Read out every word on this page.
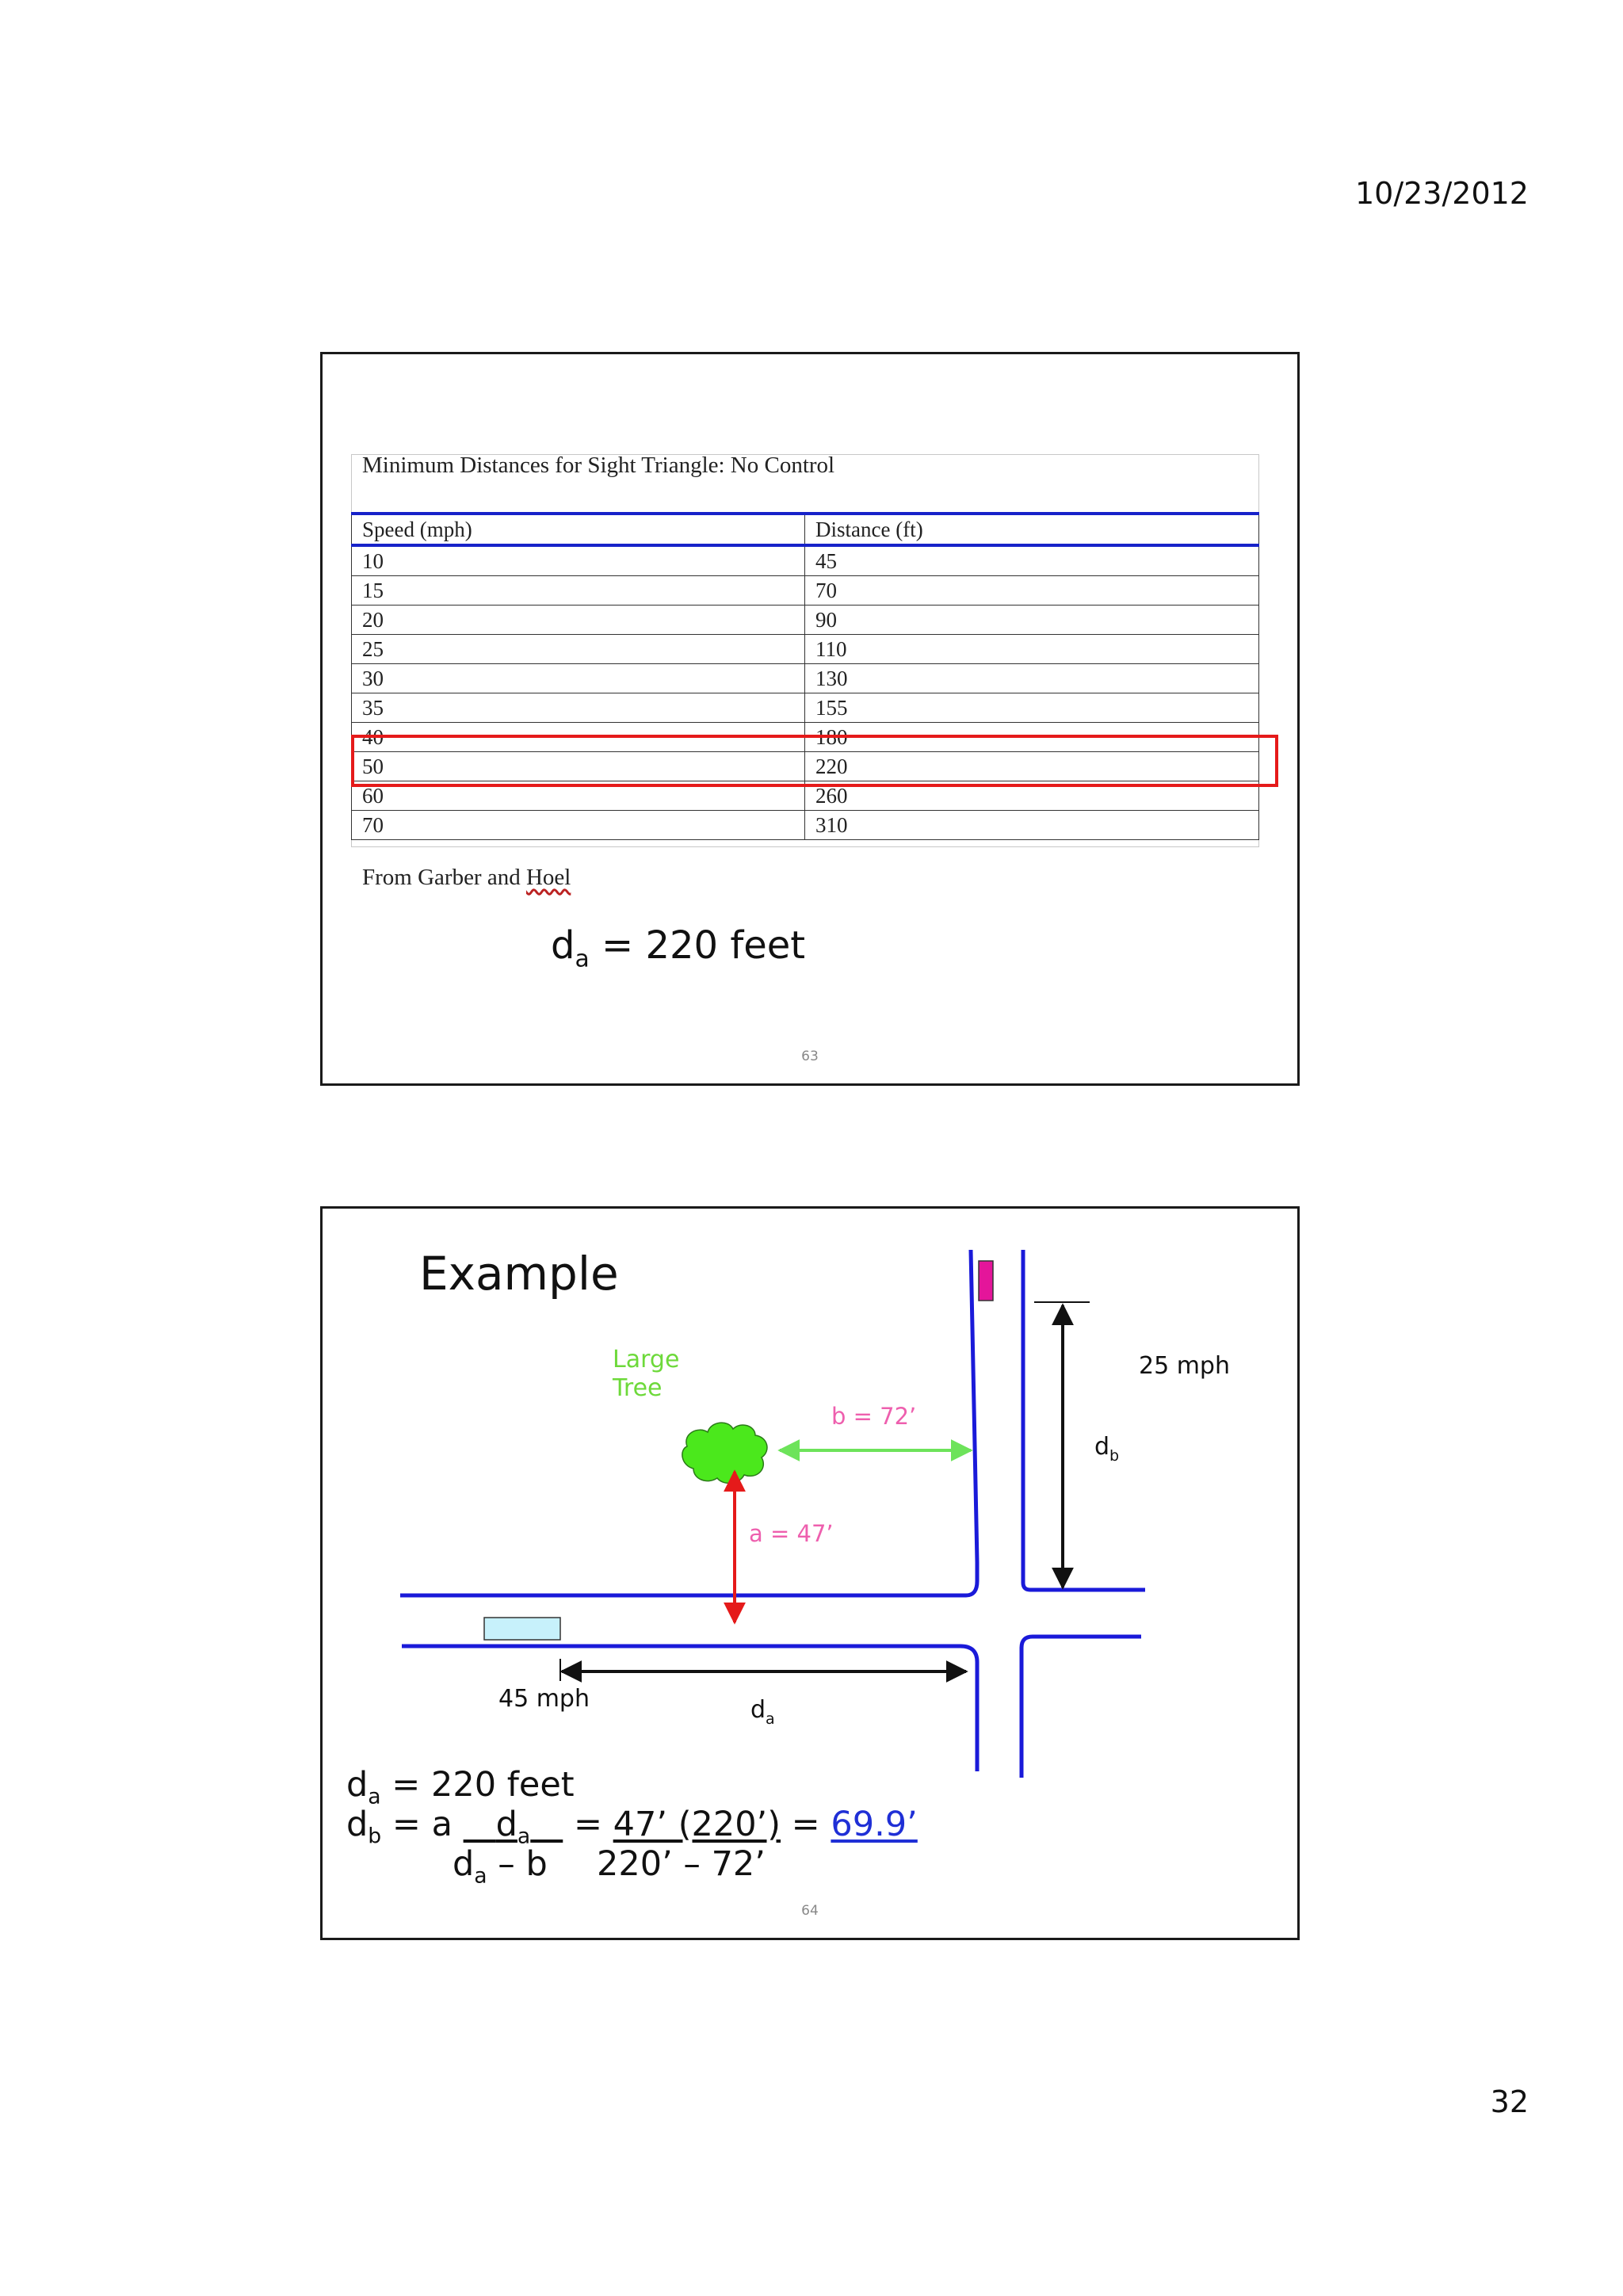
10/23/2012
Minimum Distances for Sight Triangle: No Control
Speed (mph)	Distance (ft)
10	45
15	70
20	90
25	110
30	130
35	155
40	180
50	220
60	260
70	310
From Garber and Hoel
$d_a = 220$ feet
63
Example
Large
Tree
b = 72’
a = 47’
25 mph
45 mph
$d_b$
$d_a$
$d_a = 220$ feet
$d_b = a$    $d_a$    = 47’ (220’) = 69.9’
$d_a$ – b 220’ – 72’
64
32
